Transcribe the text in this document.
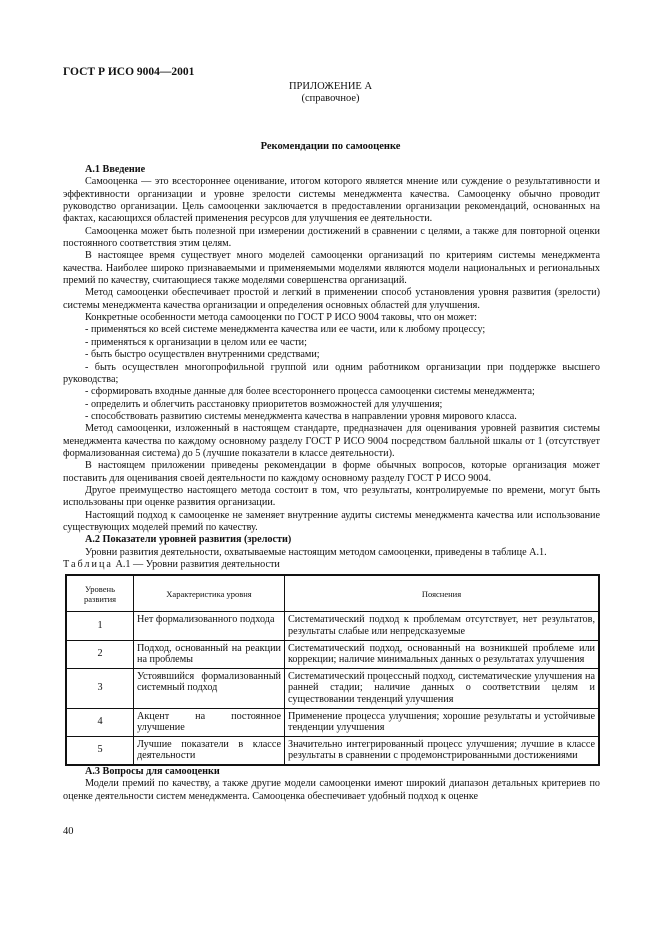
ГОСТ Р ИСО 9004—2001
ПРИЛОЖЕНИЕ А
(справочное)
Рекомендации по самооценке
А.1 Введение

Самооценка — это всестороннее оценивание, итогом которого является мнение или суждение о результативности и эффективности организации и уровне зрелости системы менеджмента качества. Самооценку обычно проводит руководство организации. Цель самооценки заключается в предоставлении организации рекомендаций, основанных на фактах, касающихся областей применения ресурсов для улучшения ее деятельности.

Самооценка может быть полезной при измерении достижений в сравнении с целями, а также для повторной оценки постоянного соответствия этим целям.

В настоящее время существует много моделей самооценки организаций по критериям системы менеджмента качества. Наиболее широко признаваемыми и применяемыми моделями являются модели национальных и региональных премий по качеству, считающиеся также моделями совершенства организаций.

Метод самооценки обеспечивает простой и легкий в применении способ установления уровня развития (зрелости) системы менеджмента качества организации и определения основных областей для улучшения.

Конкретные особенности метода самооценки по ГОСТ Р ИСО 9004 таковы, что он может:

- применяться ко всей системе менеджмента качества или ее части, или к любому процессу;

- применяться к организации в целом или ее части;

- быть быстро осуществлен внутренними средствами;

- быть осуществлен многопрофильной группой или одним работником организации при поддержке высшего руководства;

- сформировать входные данные для более всестороннего процесса самооценки системы менеджмента;

- определить и облегчить расстановку приоритетов возможностей для улучшения;

- способствовать развитию системы менеджмента качества в направлении уровня мирового класса.

Метод самооценки, изложенный в настоящем стандарте, предназначен для оценивания уровней развития системы менеджмента качества по каждому основному разделу ГОСТ Р ИСО 9004 посредством балльной шкалы от 1 (отсутствует формализованная система) до 5 (лучшие показатели в классе деятельности).

В настоящем приложении приведены рекомендации в форме обычных вопросов, которые организация может поставить для оценивания своей деятельности по каждому основному разделу ГОСТ Р ИСО 9004.

Другое преимущество настоящего метода состоит в том, что результаты, контролируемые по времени, могут быть использованы при оценке развития организации.

Настоящий подход к самооценке не заменяет внутренние аудиты системы менеджмента качества или использование существующих моделей премий по качеству.

А.2 Показатели уровней развития (зрелости)

Уровни развития деятельности, охватываемые настоящим методом самооценки, приведены в таблице А.1.

Таблица А.1 — Уровни развития деятельности

Уровень развития	Характеристика уровня	Пояснения
1	Нет формализованного подхода	Систематический подход к проблемам отсутствует, нет результатов, результаты слабые или непредсказуемые
2	Подход, основанный на реакции на проблемы	Систематический подход, основанный на возникшей проблеме или коррекции; наличие минимальных данных о результатах улучшения
3	Устоявшийся формализованный системный подход	Систематический процессный подход, систематические улучшения на ранней стадии; наличие данных о соответствии целям и существовании тенденций улучшения
4	Акцент на постоянное улучшение	Применение процесса улучшения; хорошие результаты и устойчивые тенденции улучшения
5	Лучшие показатели в классе деятельности	Значительно интегрированный процесс улучшения; лучшие в классе результаты в сравнении с продемонстрированными достижениями
А.3 Вопросы для самооценки

Модели премий по качеству, а также другие модели самооценки имеют широкий диапазон детальных критериев по оценке деятельности систем менеджмента. Самооценка обеспечивает удобный подход к оценке

40
